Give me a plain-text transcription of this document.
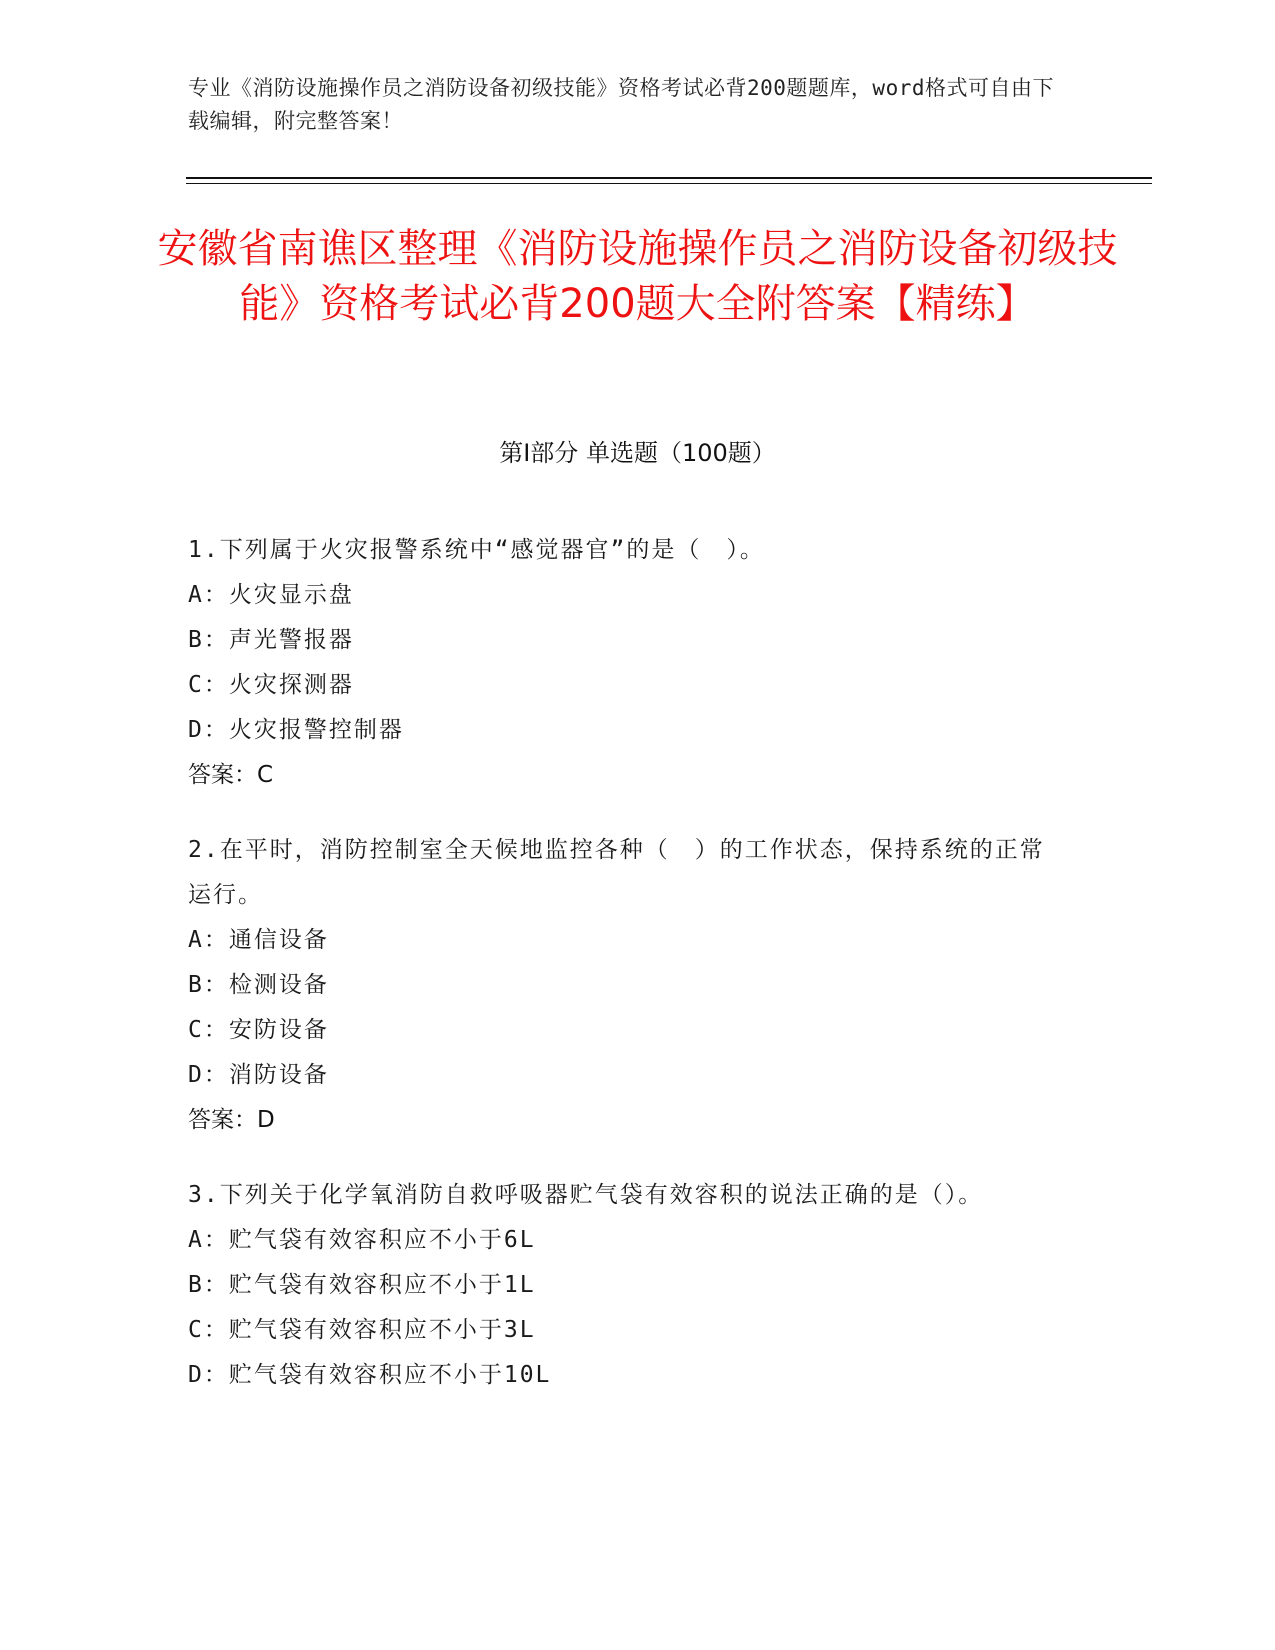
专业《消防设施操作员之消防设备初级技能》资格考试必背200题题库，word格式可自由下载编辑，附完整答案！
安徽省南谯区整理《消防设施操作员之消防设备初级技能》资格考试必背200题大全附答案【精练】
第I部分 单选题（100题）
1.下列属于火灾报警系统中“感觉器官”的是（　）。
A：火灾显示盘
B：声光警报器
C：火灾探测器
D：火灾报警控制器
答案：C
2.在平时，消防控制室全天候地监控各种（　）的工作状态，保持系统的正常运行。
A：通信设备
B：检测设备
C：安防设备
D：消防设备
答案：D
3.下列关于化学氧消防自救呼吸器贮气袋有效容积的说法正确的是（）。
A：贮气袋有效容积应不小于6L
B：贮气袋有效容积应不小于1L
C：贮气袋有效容积应不小于3L
D：贮气袋有效容积应不小于10L
